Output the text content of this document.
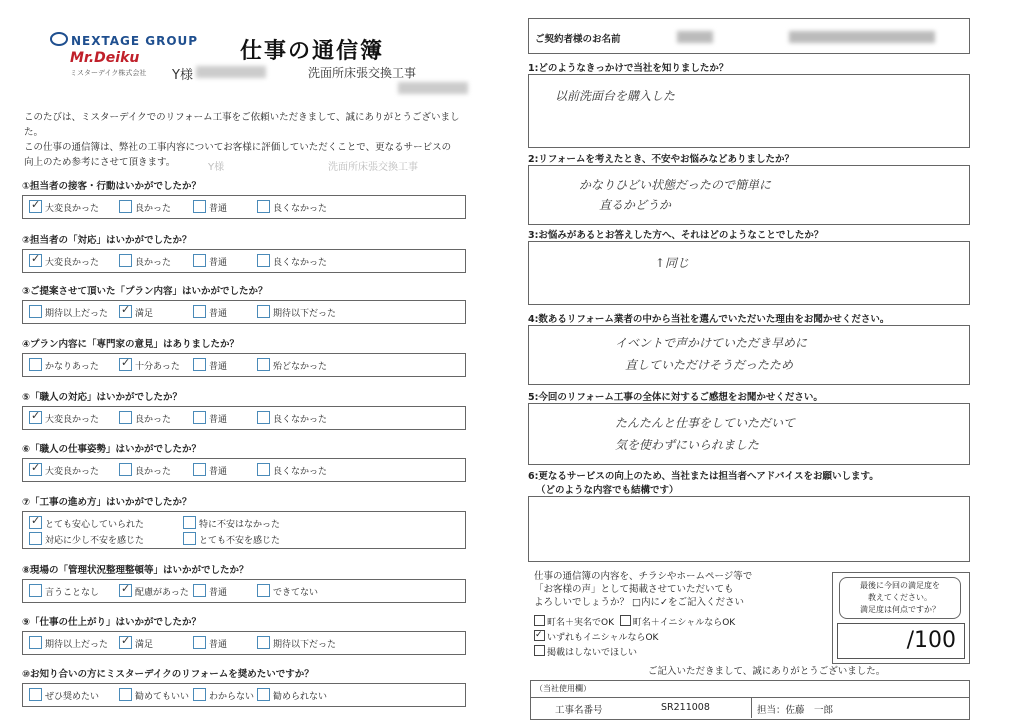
NEXTAGE GROUP
Mr.Deiku
ミスターデイク株式会社
仕事の通信簿
Y様	洗面所床張交換工事
このたびは、ミスターデイクでのリフォーム工事をご依頼いただきまして、誠にありがとうございました。
この仕事の通信簿は、弊社の工事内容についてお客様に評価していただくことで、更なるサービスの
向上のため参考にさせて頂きます。	Y様	洗面所床張交換工事
①担当者の接客・行動はいかがでしたか？
✓大変良かった	良かった	普通	良くなかった
②担当者の「対応」はいかがでしたか？
✓大変良かった	良かった	普通	良くなかった
③ご提案させて頂いた「プラン内容」はいかがでしたか？
期待以上だった ✓	満足	普通	期待以下だった
④プラン内容に「専門家の意見」はありましたか？
かなりあった ✓	十分あった	普通	殆どなかった
⑤「職人の対応」はいかがでしたか？
✓大変良かった	良かった	普通	良くなかった
⑥「職人の仕事姿勢」はいかがでしたか？
✓大変良かった	良かった	普通	良くなかった
⑦「工事の進め方」はいかがでしたか？
✓とても安心していられた	特に不安はなかった
対応に少し不安を感じた	とても不安を感じた
⑧現場の「管理状況整理整頓等」はいかがでしたか？
言うことなし ✓	配慮があった	普通	できてない
⑨「仕事の仕上がり」はいかがでしたか？
期待以上だった ✓	満足	普通	期待以下だった
⑩お知り合いの方にミスターデイクのリフォームを奨めたいですか？
ぜひ奨めたい	勧めてもいい	わからない	勧められない
ご契約者様のお名前
1:どのようなきっかけで当社を知りましたか？
以前洗面台を購入した
2:リフォームを考えたとき、不安やお悩みなどありましたか？
かなりひどい状態だったので簡単に
直るかどうか
3:お悩みがあるとお答えした方へ、それはどのようなことでしたか？
↑同じ
4:数あるリフォーム業者の中から当社を選んでいただいた理由をお聞かせください。
イベントで声かけていただき早めに
直していただけそうだったため
5:今回のリフォーム工事の全体に対するご感想をお聞かせください。
たんたんと仕事をしていただいて
気を使わずにいられました
6:更なるサービスの向上のため、当社または担当者へアドバイスをお願いします。
（どのような内容でも結構です）
仕事の通信簿の内容を、チラシやホームページ等で
「お客様の声」として掲載させていただいても
よろしいでしょうか？ □内に✓をご記入ください
町名＋実名でOK 町名＋イニシャルならOK
✓いずれもイニシャルならOK
掲載はしないでほしい
最後に今回の満足度を
教えてください。
満足度は何点ですか？
/100
ご記入いただきまして、誠にありがとうございました。
（当社使用欄）
工事名番号	SR211008	担当：佐藤　一郎
